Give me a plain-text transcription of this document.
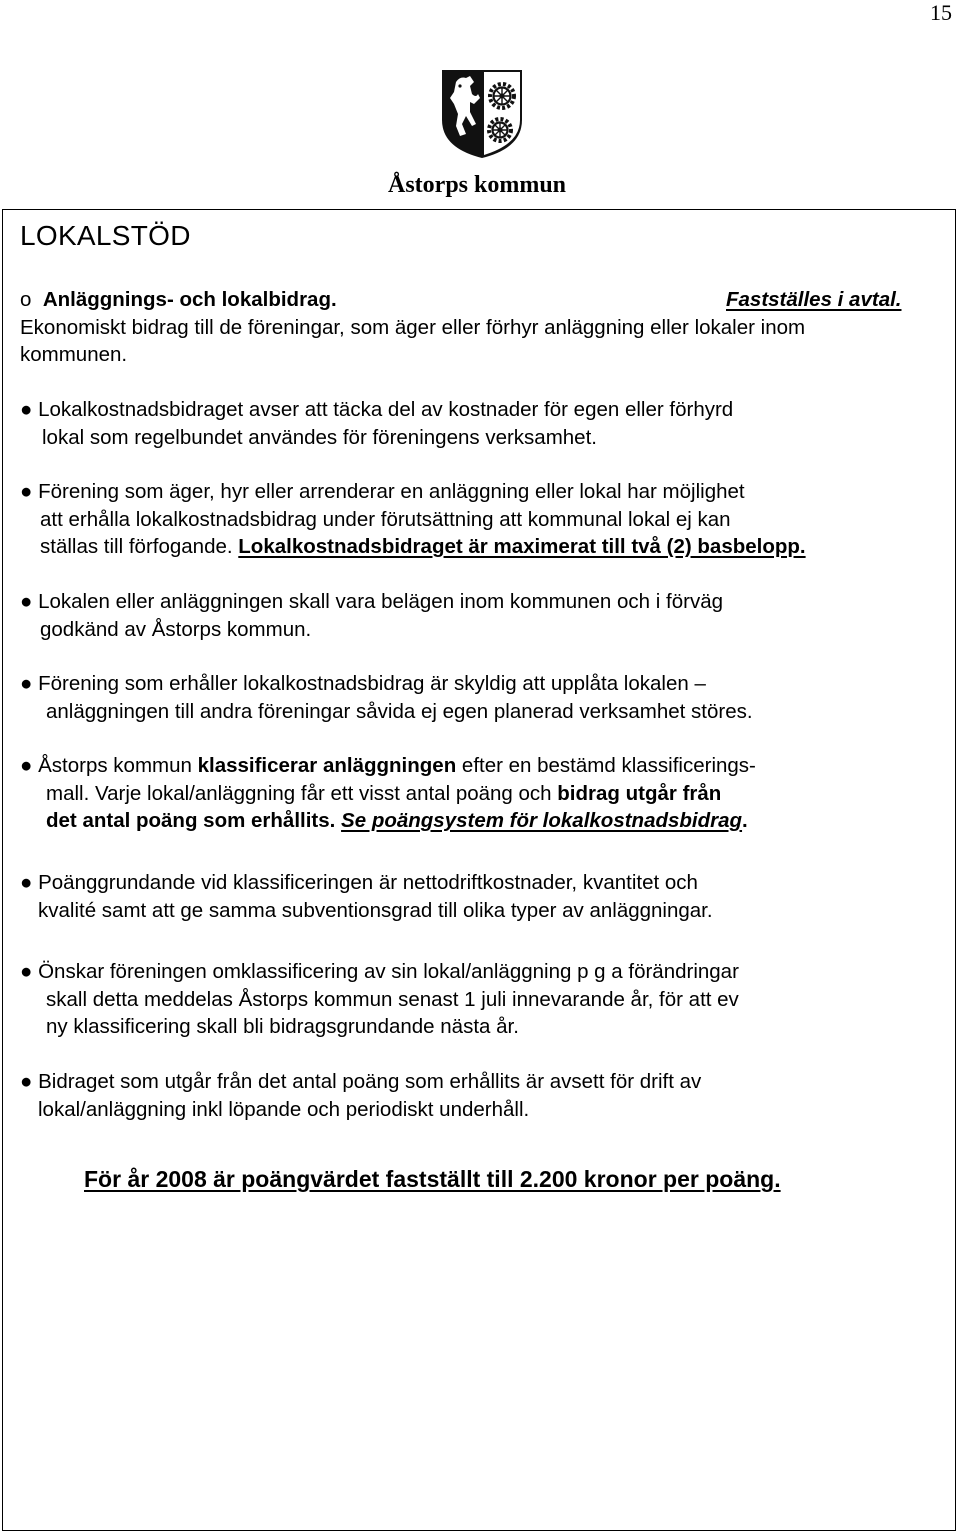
15
Åstorps kommun
LOKALSTÖD
o Anläggnings- och lokalbidrag.	Fastställes i avtal.
Ekonomiskt bidrag till de föreningar, som äger eller förhyr anläggning eller lokaler inom
kommunen.
● Lokalkostnadsbidraget avser att täcka del av kostnader för egen eller förhyrd
lokal som regelbundet användes för föreningens verksamhet.
● Förening som äger, hyr eller arrenderar en anläggning eller lokal har möjlighet
att erhålla lokalkostnadsbidrag under förutsättning att kommunal lokal ej kan
ställas till förfogande. Lokalkostnadsbidraget är maximerat till två (2) basbelopp.
● Lokalen eller anläggningen skall vara belägen inom kommunen och i förväg
godkänd av Åstorps kommun.
● Förening som erhåller lokalkostnadsbidrag är skyldig att upplåta lokalen –
anläggningen till andra föreningar såvida ej egen planerad verksamhet störes.
● Åstorps kommun klassificerar anläggningen efter en bestämd klassificerings-
mall. Varje lokal/anläggning får ett visst antal poäng och bidrag utgår från
det antal poäng som erhållits. Se poängsystem för lokalkostnadsbidrag.
● Poänggrundande vid klassificeringen är nettodriftkostnader, kvantitet och
kvalité samt att ge samma subventionsgrad till olika typer av anläggningar.
● Önskar föreningen omklassificering av sin lokal/anläggning p g a förändringar
skall detta meddelas Åstorps kommun senast 1 juli innevarande år, för att ev
ny klassificering skall bli bidragsgrundande nästa år.
● Bidraget som utgår från det antal poäng som erhållits är avsett för drift av
lokal/anläggning inkl löpande och periodiskt underhåll.
För år 2008 är poängvärdet fastställt till 2.200 kronor per poäng.
